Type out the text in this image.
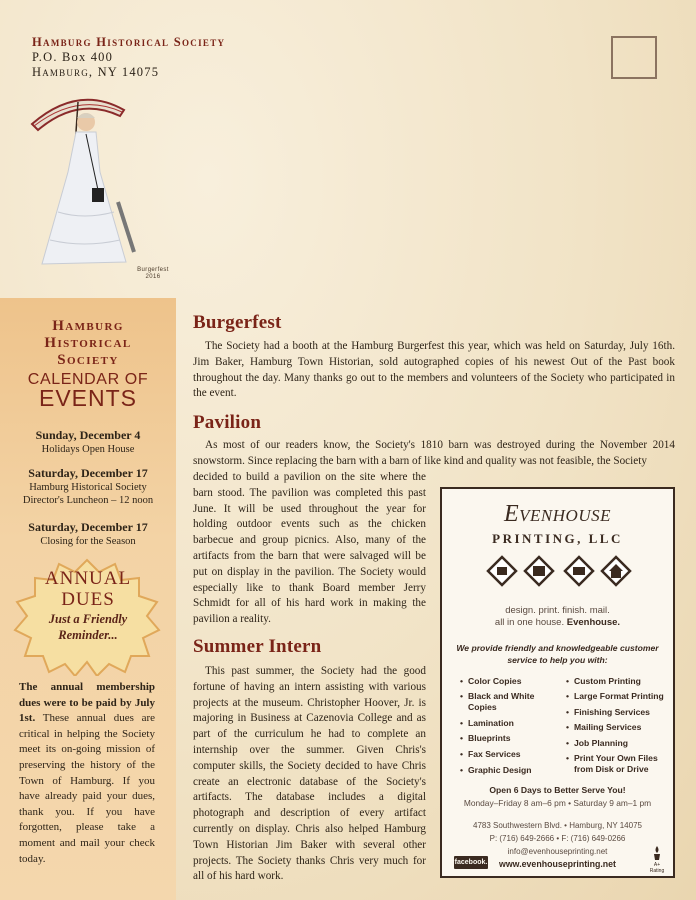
Hamburg Historical Society
P.O. Box 400
Hamburg, NY 14075
Burgerfest
2016
Hamburg
Historical
Society
CALENDAR OF
EVENTS
Sunday, December 4
Holidays Open House
Saturday, December 17
Hamburg Historical Society
Director's Luncheon – 12 noon
Saturday, December 17
Closing for the Season
ANNUAL
DUES
Just a Friendly
Reminder...
The annual membership dues were to be paid by July 1st. These annual dues are critical in helping the Society meet its on-going mission of preserving the history of the Town of Hamburg. If you have already paid your dues, thank you. If you have forgotten, please take a moment and mail your check today.
Burgerfest
The Society had a booth at the Hamburg Burgerfest this year, which was held on Saturday, July 16th. Jim Baker, Hamburg Town Historian, sold autographed copies of his newest Out of the Past book throughout the day. Many thanks go out to the members and volunteers of the Society who participated in the event.
Pavilion
As most of our readers know, the Society's 1810 barn was destroyed during the November 2014 snowstorm. Since replacing the barn with a barn of like kind and quality was not feasible, the Society
decided to build a pavilion on the site where the barn stood. The pavilion was completed this past June. It will be used throughout the year for holding outdoor events such as the chicken barbecue and group picnics. Also, many of the artifacts from the barn that were salvaged will be put on display in the pavilion. The Society would especially like to thank Board member Jerry Schmidt for all of his hard work in making the pavilion a reality.
Summer Intern
This past summer, the Society had the good fortune of having an intern assisting with various projects at the museum. Christopher Hoover, Jr. is majoring in Business at Cazenovia College and as part of the curriculum he had to complete an internship over the summer. Given Chris's computer skills, the Society decided to have Chris create an electronic database of the Society's artifacts. The database includes a digital photograph and description of every artifact currently on display. Chris also helped Hamburg Town Historian Jim Baker with several other projects. The Society thanks Chris very much for all of his hard work.
Evenhouse
PRINTING, LLC
design. print. finish. mail.
all in one house. Evenhouse.
We provide friendly and knowledgeable customer service to help you with:
• Color Copies
• Black and White Copies
• Lamination
• Blueprints
• Fax Services
• Graphic Design
• Custom Printing
• Large Format Printing
• Finishing Services
• Mailing Services
• Job Planning
• Print Your Own Files from Disk or Drive
Open 6 Days to Better Serve You!
Monday–Friday 8 am–6 pm • Saturday 9 am–1 pm
4783 Southwestern Blvd. • Hamburg, NY 14075
P: (716) 649-2666 • F: (716) 649-0266
info@evenhouseprinting.net
facebook.	www.evenhouseprinting.net	A+ Rating
